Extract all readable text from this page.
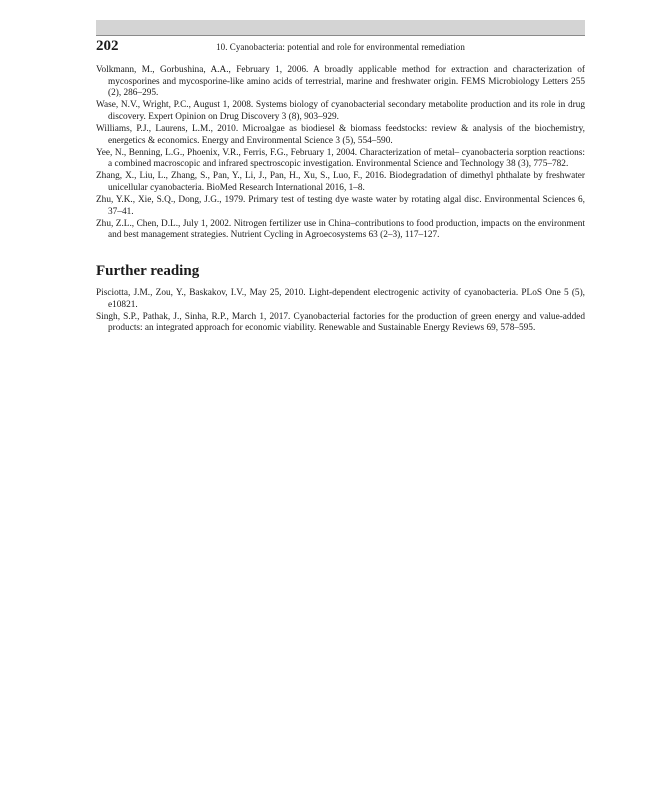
202	10. Cyanobacteria: potential and role for environmental remediation
Volkmann, M., Gorbushina, A.A., February 1, 2006. A broadly applicable method for extraction and characterization of mycosporines and mycosporine-like amino acids of terrestrial, marine and freshwater origin. FEMS Microbiology Letters 255 (2), 286–295.
Wase, N.V., Wright, P.C., August 1, 2008. Systems biology of cyanobacterial secondary metabolite production and its role in drug discovery. Expert Opinion on Drug Discovery 3 (8), 903–929.
Williams, P.J., Laurens, L.M., 2010. Microalgae as biodiesel & biomass feedstocks: review & analysis of the biochemistry, energetics & economics. Energy and Environmental Science 3 (5), 554–590.
Yee, N., Benning, L.G., Phoenix, V.R., Ferris, F.G., February 1, 2004. Characterization of metal– cyanobacteria sorption reactions: a combined macroscopic and infrared spectroscopic investigation. Environmental Science and Technology 38 (3), 775–782.
Zhang, X., Liu, L., Zhang, S., Pan, Y., Li, J., Pan, H., Xu, S., Luo, F., 2016. Biodegradation of dimethyl phthalate by freshwater unicellular cyanobacteria. BioMed Research International 2016, 1–8.
Zhu, Y.K., Xie, S.Q., Dong, J.G., 1979. Primary test of testing dye waste water by rotating algal disc. Environmental Sciences 6, 37–41.
Zhu, Z.L., Chen, D.L., July 1, 2002. Nitrogen fertilizer use in China–contributions to food production, impacts on the environment and best management strategies. Nutrient Cycling in Agroecosystems 63 (2–3), 117–127.
Further reading
Pisciotta, J.M., Zou, Y., Baskakov, I.V., May 25, 2010. Light-dependent electrogenic activity of cyanobacteria. PLoS One 5 (5), e10821.
Singh, S.P., Pathak, J., Sinha, R.P., March 1, 2017. Cyanobacterial factories for the production of green energy and value-added products: an integrated approach for economic viability. Renewable and Sustainable Energy Reviews 69, 578–595.
